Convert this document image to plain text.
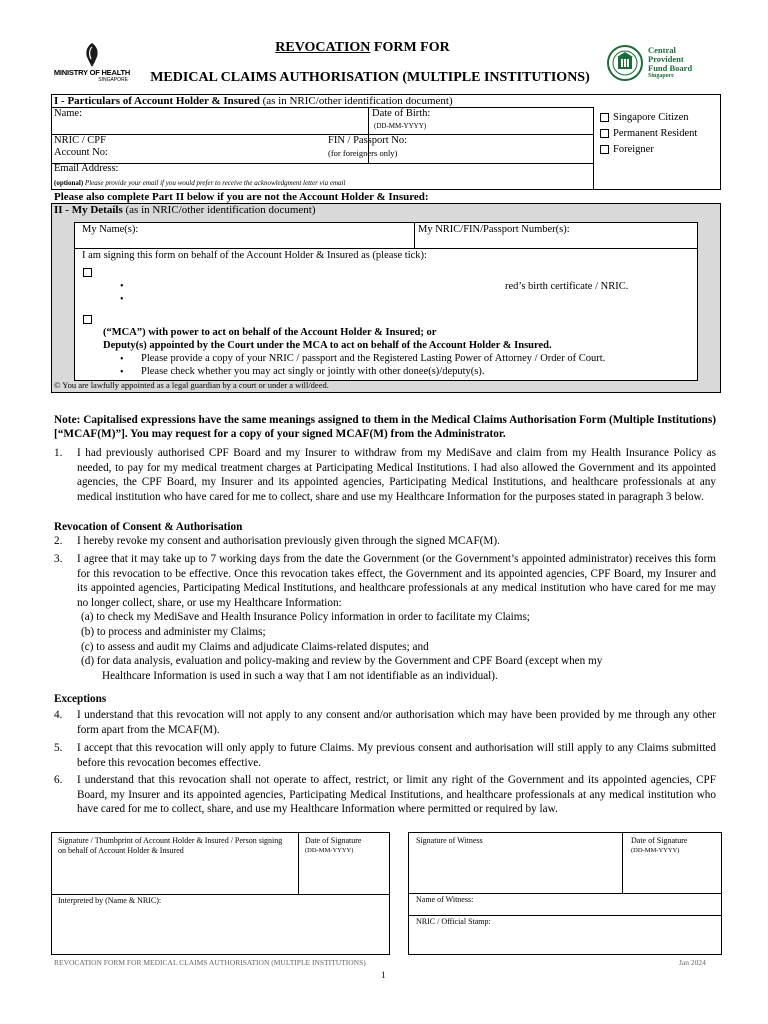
MINISTRY OF HEALTH
SINGAPORE
REVOCATION FORM FOR
MEDICAL CLAIMS AUTHORISATION (MULTIPLE INSTITUTIONS)
Central
Provident
Fund Board
Singapore
I - Particulars of Account Holder & Insured (as in NRIC/other identification document)
Name:	Date of Birth:
(DD-MM-YYYY)
NRIC / CPF
Account No:
FIN / Passport No:
(for foreigners only)
Email Address:
(optional) Please provide your email if you would prefer to receive the acknowledgment letter via email
Singapore Citizen
Permanent Resident
Foreigner
Please also complete Part II below if you are not the Account Holder & Insured:
II - My Details (as in NRIC/other identification document)
My Name(s):	My NRIC/FIN/Passport Number(s):
I am signing this form on behalf of the Account Holder & Insured as (please tick):
•
•
red’s birth certificate / NRIC.
(“MCA”) with power to act on behalf of the Account Holder & Insured; or
Deputy(s) appointed by the Court under the MCA to act on behalf of the Account Holder & Insured.
• Please provide a copy of your NRIC / passport and the Registered Lasting Power of Attorney / Order of Court.
• Please check whether you may act singly or jointly with other donee(s)/deputy(s).
© You are lawfully appointed as a legal guardian by a court or under a will/deed.
Note: Capitalised expressions have the same meanings assigned to them in the Medical Claims Authorisation Form (Multiple Institutions) [“MCAF(M)”]. You may request for a copy of your signed MCAF(M) from the Administrator.
1. I had previously authorised CPF Board and my Insurer to withdraw from my MediSave and claim from my Health Insurance Policy as needed, to pay for my medical treatment charges at Participating Medical Institutions. I had also allowed the Government and its appointed agencies, the CPF Board, my Insurer and its appointed agencies, Participating Medical Institutions, and healthcare professionals at any medical institution who have cared for me to collect, share and use my Healthcare Information for the purposes stated in paragraph 3 below.
Revocation of Consent & Authorisation
2. I hereby revoke my consent and authorisation previously given through the signed MCAF(M).
3. I agree that it may take up to 7 working days from the date the Government (or the Government’s appointed administrator) receives this form for this revocation to be effective. Once this revocation takes effect, the Government and its appointed agencies, CPF Board, my Insurer and its appointed agencies, Participating Medical Institutions, and healthcare professionals at any medical institution who have cared for me may no longer collect, share, or use my Healthcare Information:
(a) to check my MediSave and Health Insurance Policy information in order to facilitate my Claims;
(b) to process and administer my Claims;
(c) to assess and audit my Claims and adjudicate Claims-related disputes; and
(d) for data analysis, evaluation and policy-making and review by the Government and CPF Board (except when my
Healthcare Information is used in such a way that I am not identifiable as an individual).
Exceptions
4. I understand that this revocation will not apply to any consent and/or authorisation which may have been provided by me through any other form apart from the MCAF(M).
5. I accept that this revocation will only apply to future Claims. My previous consent and authorisation will still apply to any Claims submitted before this revocation becomes effective.
6. I understand that this revocation shall not operate to affect, restrict, or limit any right of the Government and its appointed agencies, CPF Board, my Insurer and its appointed agencies, Participating Medical Institutions, and healthcare professionals at any medical institution who have cared for me to collect, share, and use my Healthcare Information where permitted or required by law.
Signature / Thumbprint of Account Holder & Insured / Person signing on behalf of Account Holder & Insured
Date of Signature
(DD-MM-YYYY)
Interpreted by (Name & NRIC):
Signature of Witness	Date of Signature
(DD-MM-YYYY)
Name of Witness:
NRIC / Official Stamp:
REVOCATION FORM FOR MEDICAL CLAIMS AUTHORISATION (MULTIPLE INSTITUTIONS)	Jan 2024
1
